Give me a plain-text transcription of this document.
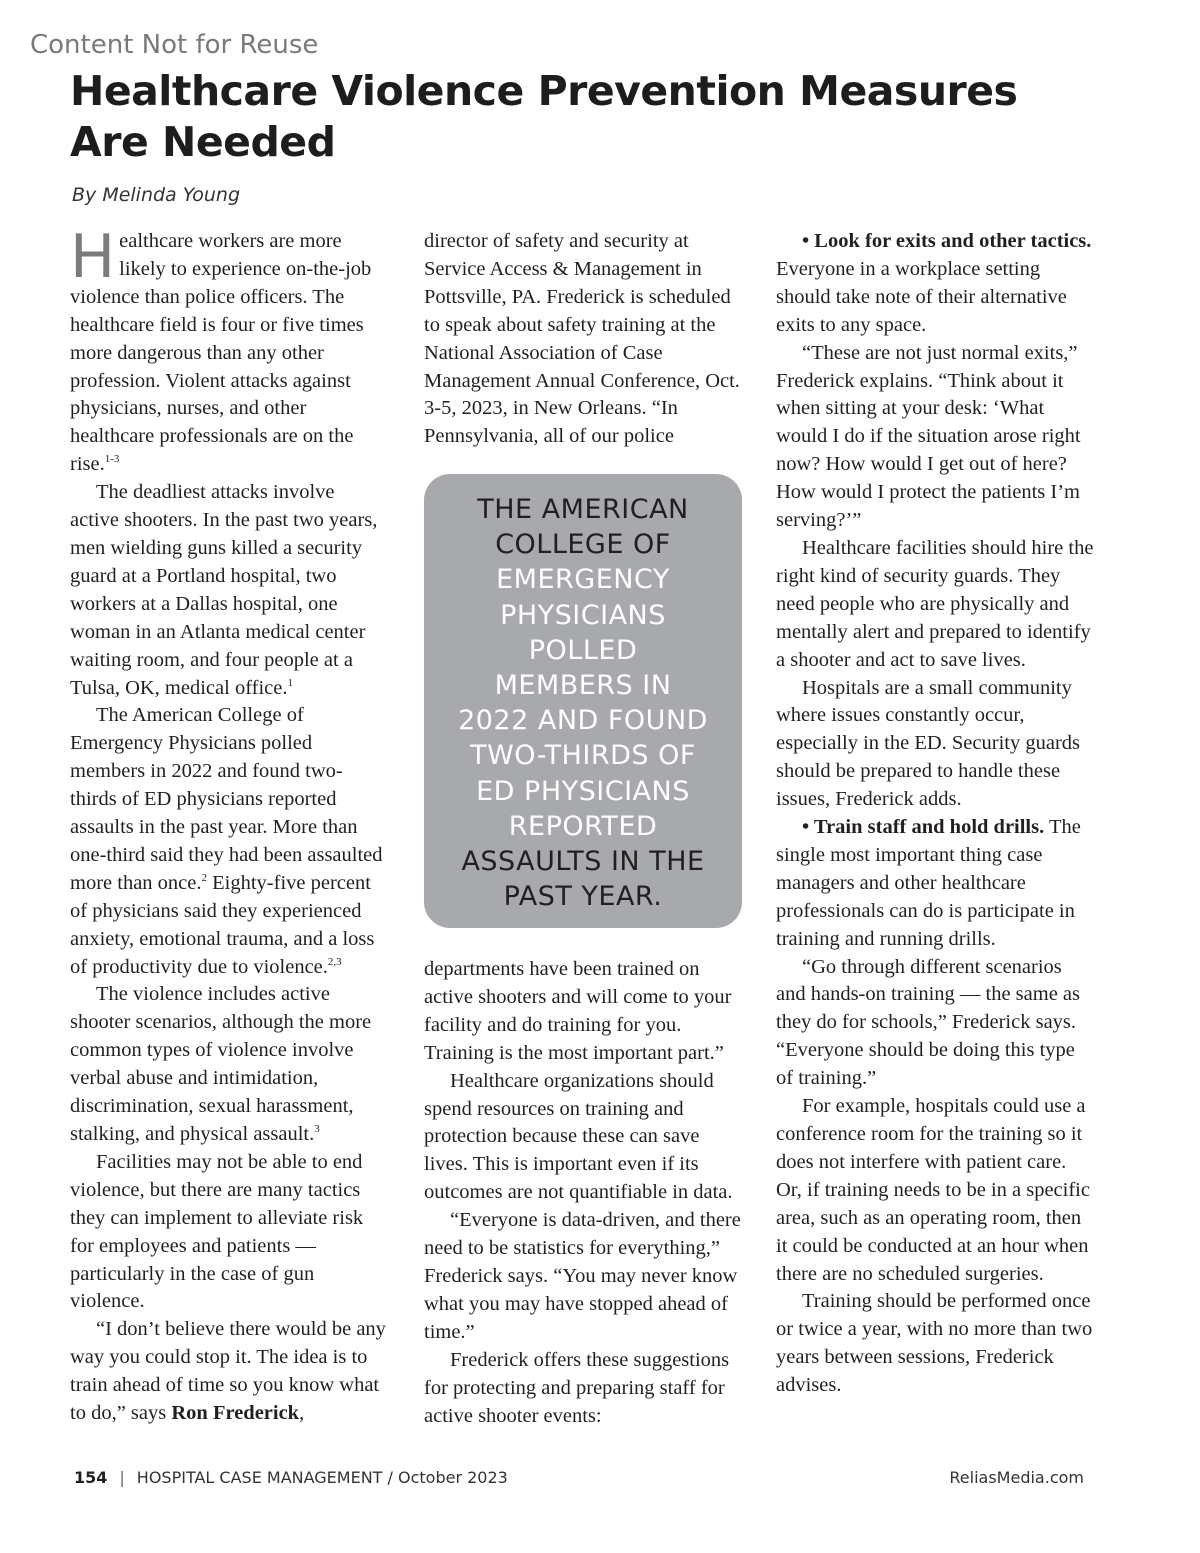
Content Not for Reuse
Healthcare Violence Prevention Measures
Are Needed
By Melinda Young

Healthcare workers are more likely to experience on-the-job violence than police officers. The healthcare field is four or five times more dangerous than any other profession. Violent attacks against physicians, nurses, and other healthcare professionals are on the rise.$^{1-3}$

The deadliest attacks involve active shooters. In the past two years, men wielding guns killed a security guard at a Portland hospital, two workers at a Dallas hospital, one woman in an Atlanta medical center waiting room, and four people at a Tulsa, OK, medical office.$^1$

The American College of Emergency Physicians polled members in 2022 and found two-thirds of ED physicians reported assaults in the past year. More than one-third said they had been assaulted more than once.$^2$ Eighty-five percent of physicians said they experienced anxiety, emotional trauma, and a loss of productivity due to violence.$^{2,3}$

The violence includes active shooter scenarios, although the more common types of violence involve verbal abuse and intimidation, discrimination, sexual harassment, stalking, and physical assault.$^3$

Facilities may not be able to end violence, but there are many tactics they can implement to alleviate risk for employees and patients — particularly in the case of gun violence.

“I don’t believe there would be any way you could stop it. The idea is to train ahead of time so you know what to do,” says Ron Frederick,

director of safety and security at Service Access & Management in Pottsville, PA. Frederick is scheduled to speak about safety training at the National Association of Case Management Annual Conference, Oct. 3-5, 2023, in New Orleans. “In Pennsylvania, all of our police

THE AMERICAN
COLLEGE OF
EMERGENCY
PHYSICIANS
POLLED
MEMBERS IN
2022 AND FOUND
TWO-THIRDS OF
ED PHYSICIANS
REPORTED
ASSAULTS IN THE
PAST YEAR.

departments have been trained on active shooters and will come to your facility and do training for you. Training is the most important part.”

Healthcare organizations should spend resources on training and protection because these can save lives. This is important even if its outcomes are not quantifiable in data.

“Everyone is data-driven, and there need to be statistics for everything,” Frederick says. “You may never know what you may have stopped ahead of time.”

Frederick offers these suggestions for protecting and preparing staff for active shooter events:

• Look for exits and other tactics. Everyone in a workplace setting should take note of their alternative exits to any space.

“These are not just normal exits,” Frederick explains. “Think about it when sitting at your desk: ‘What would I do if the situation arose right now? How would I get out of here? How would I protect the patients I’m serving?’”

Healthcare facilities should hire the right kind of security guards. They need people who are physically and mentally alert and prepared to identify a shooter and act to save lives.

Hospitals are a small community where issues constantly occur, especially in the ED. Security guards should be prepared to handle these issues, Frederick adds.

• Train staff and hold drills. The single most important thing case managers and other healthcare professionals can do is participate in training and running drills.

“Go through different scenarios and hands-on training — the same as they do for schools,” Frederick says. “Everyone should be doing this type of training.”

For example, hospitals could use a conference room for the training so it does not interfere with patient care. Or, if training needs to be in a specific area, such as an operating room, then it could be conducted at an hour when there are no scheduled surgeries.

Training should be performed once or twice a year, with no more than two years between sessions, Frederick advises.

154 | HOSPITAL CASE MANAGEMENT / October 2023	ReliasMedia.com
